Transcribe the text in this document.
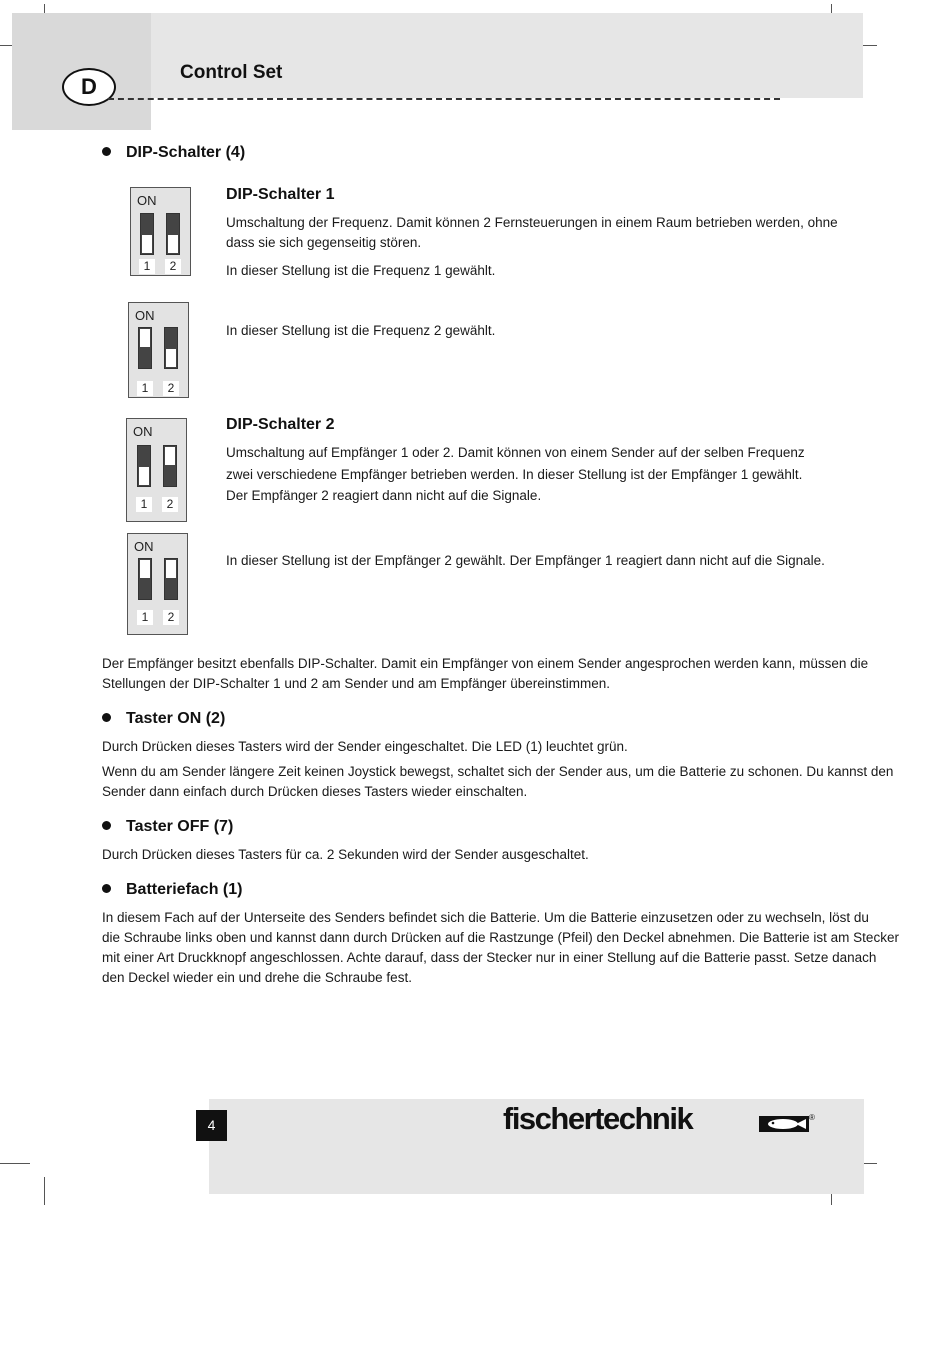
D
Control Set
DIP-Schalter (4)
ON
1	2
DIP-Schalter 1
Umschaltung der Frequenz. Damit können 2 Fernsteuerungen in einem Raum betrieben werden, ohne
dass sie sich gegenseitig stören.
In dieser Stellung ist die Frequenz 1 gewählt.
ON
1	2
In dieser Stellung ist die Frequenz 2 gewählt.
ON
1	2
DIP-Schalter 2
Umschaltung auf Empfänger 1 oder 2. Damit können von einem Sender auf der selben Frequenz
zwei verschiedene Empfänger betrieben werden. In dieser Stellung ist der Empfänger 1 gewählt.
Der Empfänger 2 reagiert dann nicht auf die Signale.
ON
1	2
In dieser Stellung ist der Empfänger 2 gewählt. Der Empfänger 1 reagiert dann nicht auf die Signale.
Der Empfänger besitzt ebenfalls DIP-Schalter. Damit ein Empfänger von einem Sender angesprochen werden kann, müssen die
Stellungen der DIP-Schalter 1 und 2 am Sender und am Empfänger übereinstimmen.
Taster ON (2)
Durch Drücken dieses Tasters wird der Sender eingeschaltet. Die LED (1) leuchtet grün.
Wenn du am Sender längere Zeit keinen Joystick bewegst, schaltet sich der Sender aus, um die Batterie zu schonen. Du kannst den
Sender dann einfach durch Drücken dieses Tasters wieder einschalten.
Taster OFF (7)
Durch Drücken dieses Tasters für ca. 2 Sekunden wird der Sender ausgeschaltet.
Batteriefach (1)
In diesem Fach auf der Unterseite des Senders befindet sich die Batterie. Um die Batterie einzusetzen oder zu wechseln, löst du
die Schraube links oben und kannst dann durch Drücken auf die Rastzunge (Pfeil) den Deckel abnehmen. Die Batterie ist am Stecker
mit einer Art Druckknopf angeschlossen. Achte darauf, dass der Stecker nur in einer Stellung auf die Batterie passt. Setze danach
den Deckel wieder ein und drehe die Schraube fest.
4	fischertechnik	®
